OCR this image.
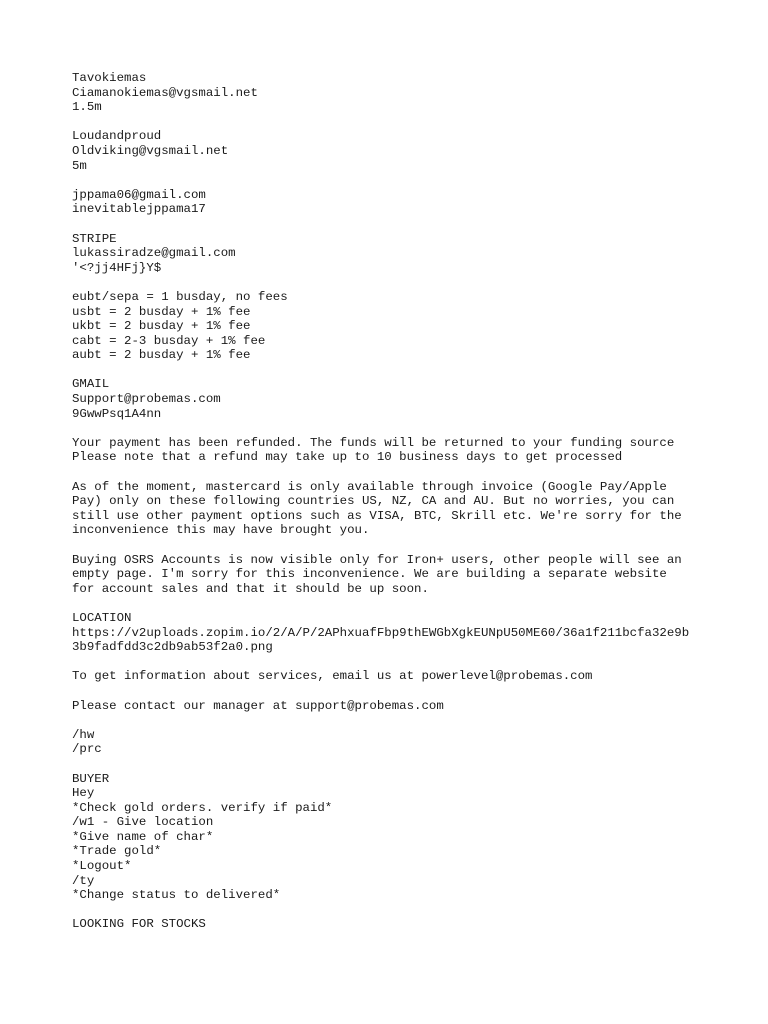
Tavokiemas
Ciamanokiemas@vgsmail.net
1.5m
Loudandproud
Oldviking@vgsmail.net
5m
jppama06@gmail.com
inevitablejppama17
STRIPE
lukassiradze@gmail.com
'<?jj4HFj}Y$
eubt/sepa = 1 busday, no fees
usbt = 2 busday + 1% fee
ukbt = 2 busday + 1% fee
cabt = 2-3 busday + 1% fee
aubt = 2 busday + 1% fee
GMAIL
Support@probemas.com
9GwwPsq1A4nn
Your payment has been refunded. The funds will be returned to your funding source
Please note that a refund may take up to 10 business days to get processed
As of the moment, mastercard is only available through invoice (Google Pay/Apple
Pay) only on these following countries US, NZ, CA and AU. But no worries, you can
still use other payment options such as VISA, BTC, Skrill etc. We're sorry for the
inconvenience this may have brought you.
Buying OSRS Accounts is now visible only for Iron+ users, other people will see an
empty page. I'm sorry for this inconvenience. We are building a separate website
for account sales and that it should be up soon.
LOCATION
https://v2uploads.zopim.io/2/A/P/2APhxuafFbp9thEWGbXgkEUNpU50ME60/36a1f211bcfa32e9b
3b9fadfdd3c2db9ab53f2a0.png
To get information about services, email us at powerlevel@probemas.com
Please contact our manager at support@probemas.com
/hw
/prc
BUYER
Hey
*Check gold orders. verify if paid*
/w1 - Give location
*Give name of char*
*Trade gold*
*Logout*
/ty
*Change status to delivered*
LOOKING FOR STOCKS
